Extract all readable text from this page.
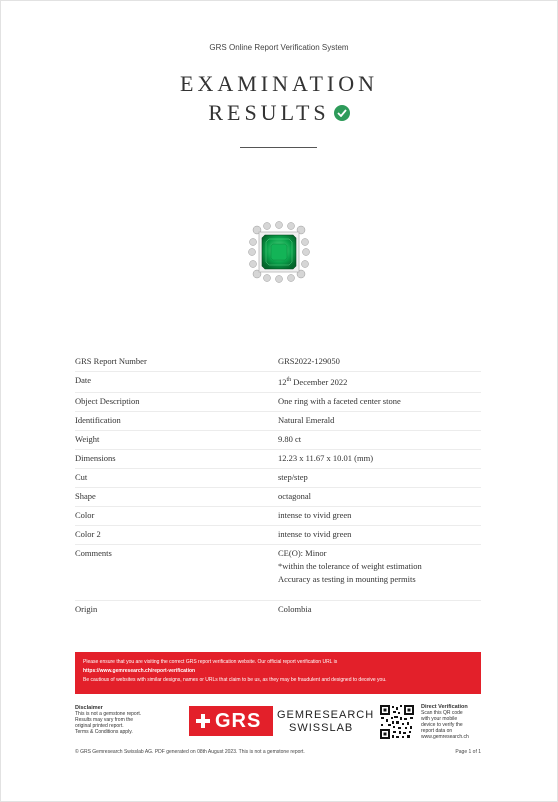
GRS Online Report Verification System
EXAMINATION
RESULTS
GRS Report Number	GRS2022-129050
Date	12th December 2022
Object Description	One ring with a faceted center stone
Identification	Natural Emerald
Weight	9.80 ct
Dimensions	12.23 x 11.67 x 10.01 (mm)
Cut	step/step
Shape	octagonal
Color	intense to vivid green
Color 2	intense to vivid green
Comments	CE(O): Minor
*within the tolerance of weight estimation
Accuracy as testing in mounting permits

Origin	Colombia
Please ensure that you are visiting the correct GRS report verification website. Our official report verification URL is
https://www.gemresearch.ch/report-verification
Be cautious of websites with similar designs, names or URLs that claim to be us, as they may be fraudulent and designed to deceive you.
Disclaimer
This is not a gemstone report.
Results may vary from the
original printed report.
Terms & Conditions apply.	GRS GEMRESEARCH
SWISSLAB
Direct Verification
Scan this QR code
with your mobile
device to verify the
report data on
www.gemresearch.ch
© GRS Gemresearch Swisslab AG. PDF generated on 08th August 2023. This is not a gemstone report.	Page 1 of 1
